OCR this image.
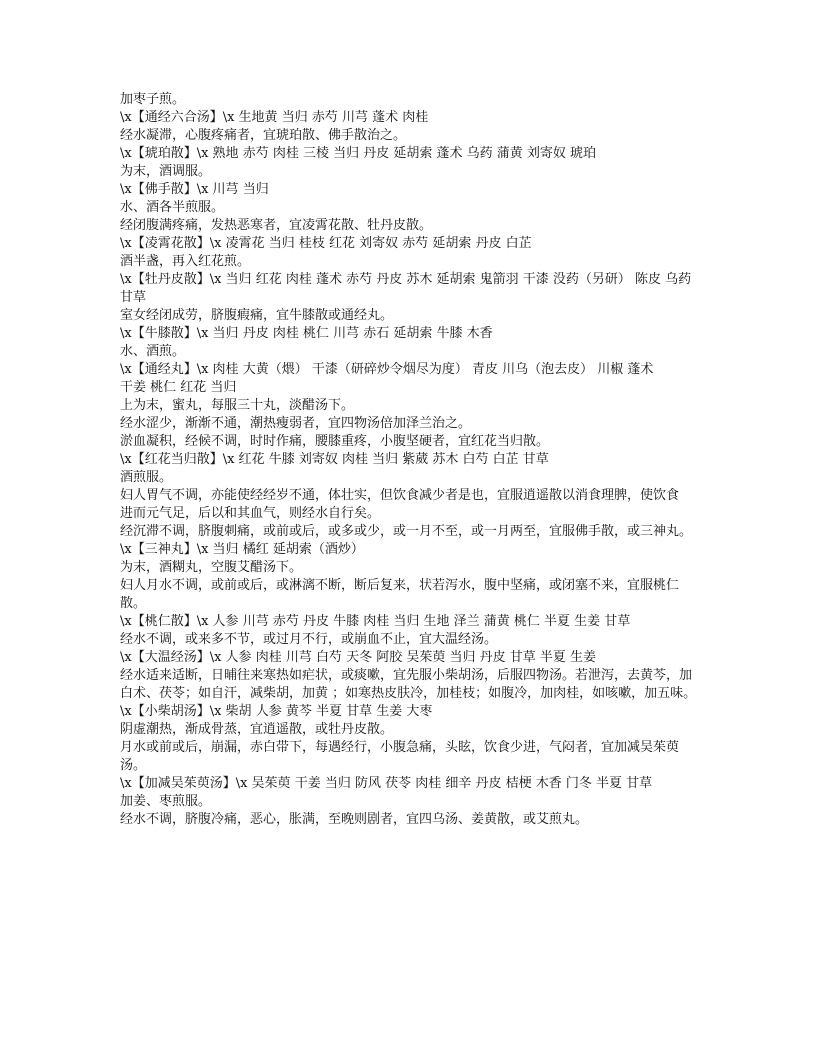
加枣子煎。

\x【通经六合汤】\x 生地黄 当归 赤芍 川芎 蓬术 肉桂

经水凝滞，心腹疼痛者，宜琥珀散、佛手散治之。

\x【琥珀散】\x 熟地 赤芍 肉桂 三棱 当归 丹皮 延胡索 蓬术 乌药 蒲黄 刘寄奴 琥珀

为末，酒调服。

\x【佛手散】\x 川芎 当归

水、酒各半煎服。

经闭腹满疼痛，发热恶寒者，宜凌霄花散、牡丹皮散。

\x【凌霄花散】\x 凌霄花 当归 桂枝 红花 刘寄奴 赤芍 延胡索 丹皮 白芷

酒半盏，再入红花煎。

\x【牡丹皮散】\x 当归 红花 肉桂 蓬术 赤芍 丹皮 苏木 延胡索 鬼箭羽 干漆 没药（另研） 陈皮 乌药 甘草

室女经闭成劳，脐腹瘕痛，宜牛膝散或通经丸。

\x【牛膝散】\x 当归 丹皮 肉桂 桃仁 川芎 赤石 延胡索 牛膝 木香

水、酒煎。

\x【通经丸】\x 肉桂 大黄（煨） 干漆（研碎炒令烟尽为度） 青皮 川乌（泡去皮） 川椒 蓬术

干姜 桃仁 红花 当归

上为末，蜜丸，每服三十丸，淡醋汤下。

经水涩少，渐渐不通，潮热瘦弱者，宜四物汤倍加泽兰治之。

淤血凝积，经候不调，时时作痛，腰膝重疼，小腹坚硬者，宜红花当归散。

\x【红花当归散】\x 红花 牛膝 刘寄奴 肉桂 当归 紫葳 苏木 白芍 白芷 甘草

酒煎服。

妇人胃气不调，亦能使经经岁不通，体壮实，但饮食减少者是也，宜服逍遥散以消食理脾，使饮食

进而元气足，后以和其血气，则经水自行矣。

经沉滞不调，脐腹刺痛，或前或后，或多或少，或一月不至，或一月两至，宜服佛手散，或三神丸。

\x【三神丸】\x 当归 橘红 延胡索（酒炒）

为末，酒糊丸，空腹艾醋汤下。

妇人月水不调，或前或后，或淋漓不断，断后复来，状若泻水，腹中坚痛，或闭塞不来，宜服桃仁散。

\x【桃仁散】\x 人参 川芎 赤芍 丹皮 牛膝 肉桂 当归 生地 泽兰 蒲黄 桃仁 半夏 生姜 甘草

经水不调，或来多不节，或过月不行，或崩血不止，宜大温经汤。

\x【大温经汤】\x 人参 肉桂 川芎 白芍 天冬 阿胶 吴茱萸 当归 丹皮 甘草 半夏 生姜

经水适来适断，日晡往来寒热如疟状，或痰嗽，宜先服小柴胡汤，后服四物汤。若泄泻，去黄芩，加白术、茯苓；如自汗，减柴胡，加黄 ；如寒热皮肤冷，加桂枝；如腹冷，加肉桂，如咳嗽，加五味。

\x【小柴胡汤】\x 柴胡 人参 黄芩 半夏 甘草 生姜 大枣

阴虚潮热，渐成骨蒸，宜逍遥散，或牡丹皮散。

月水或前或后，崩漏，赤白带下，每遇经行，小腹急痛，头眩，饮食少进，气闷者，宜加减吴茱萸汤。

\x【加减吴茱萸汤】\x 吴茱萸 干姜 当归 防风 茯苓 肉桂 细辛 丹皮 桔梗 木香 门冬 半夏 甘草

加姜、枣煎服。

经水不调，脐腹冷痛，恶心，胀满，至晚则剧者，宜四乌汤、姜黄散，或艾煎丸。
